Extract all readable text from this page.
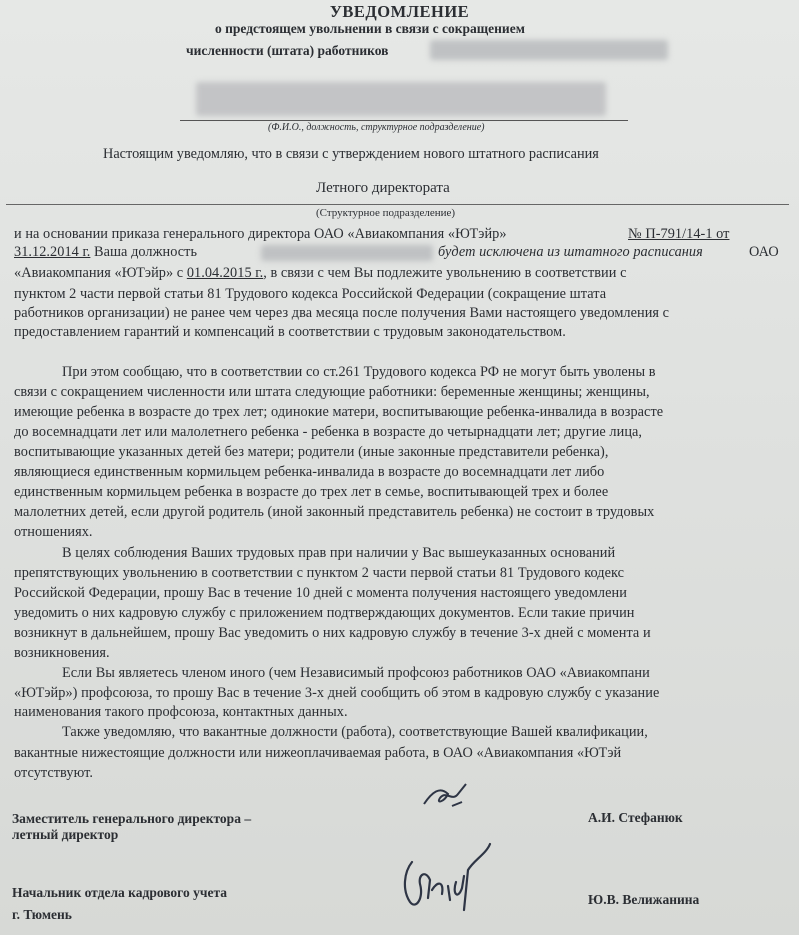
УВЕДОМЛЕНИЕ
о предстоящем увольнении в связи с сокращением
численности (штата) работников
(Ф.И.О., должность, структурное подразделение)
Настоящим уведомляю, что в связи с утверждением нового штатного расписания
Летного директората
(Структурное подразделение)
и на основании приказа генерального директора ОАО «Авиакомпания «ЮТэйр»	№ П-791/14-1 от
31.12.2014 г. Ваша должность	будет исключена из штатного расписания	ОАО
«Авиакомпания «ЮТэйр» с 01.04.2015 г., в связи с чем Вы подлежите увольнению в соответствии с
пунктом 2 части первой статьи 81 Трудового кодекса Российской Федерации (сокращение штата
работников организации) не ранее чем через два месяца после получения Вами настоящего уведомления с
предоставлением гарантий и компенсаций в соответствии с трудовым законодательством.
При этом сообщаю, что в соответствии со ст.261 Трудового кодекса РФ не могут быть уволены в
связи с сокращением численности или штата следующие работники: беременные женщины; женщины,
имеющие ребенка в возрасте до трех лет; одинокие матери, воспитывающие ребенка-инвалида в возрасте
до восемнадцати лет или малолетнего ребенка - ребенка в возрасте до четырнадцати лет; другие лица,
воспитывающие указанных детей без матери; родители (иные законные представители ребенка),
являющиеся единственным кормильцем ребенка-инвалида в возрасте до восемнадцати лет либо
единственным кормильцем ребенка в возрасте до трех лет в семье, воспитывающей трех и более
малолетних детей, если другой родитель (иной законный представитель ребенка) не состоит в трудовых
отношениях.
В целях соблюдения Ваших трудовых прав при наличии у Вас вышеуказанных оснований
препятствующих увольнению в соответствии с пунктом 2 части первой статьи 81 Трудового кодекс
Российской Федерации, прошу Вас в течение 10 дней с момента получения настоящего уведомлени
уведомить о них кадровую службу с приложением подтверждающих документов. Если такие причин
возникнут в дальнейшем, прошу Вас уведомить о них кадровую службу в течение 3-х дней с момента и
возникновения.
Если Вы являетесь членом иного (чем Независимый профсоюз работников ОАО «Авиакомпани
«ЮТэйр») профсоюза, то прошу Вас в течение 3-х дней сообщить об этом в кадровую службу с указание
наименования такого профсоюза, контактных данных.
Также уведомляю, что вакантные должности (работа), соответствующие Вашей квалификации,
вакантные нижестоящие должности или нижеоплачиваемая работа, в ОАО «Авиакомпания «ЮТэй
отсутствуют.
Заместитель генерального директора –
летный директор
А.И. Стефанюк
Начальник отдела кадрового учета
г. Тюмень
Ю.В. Велижанина
